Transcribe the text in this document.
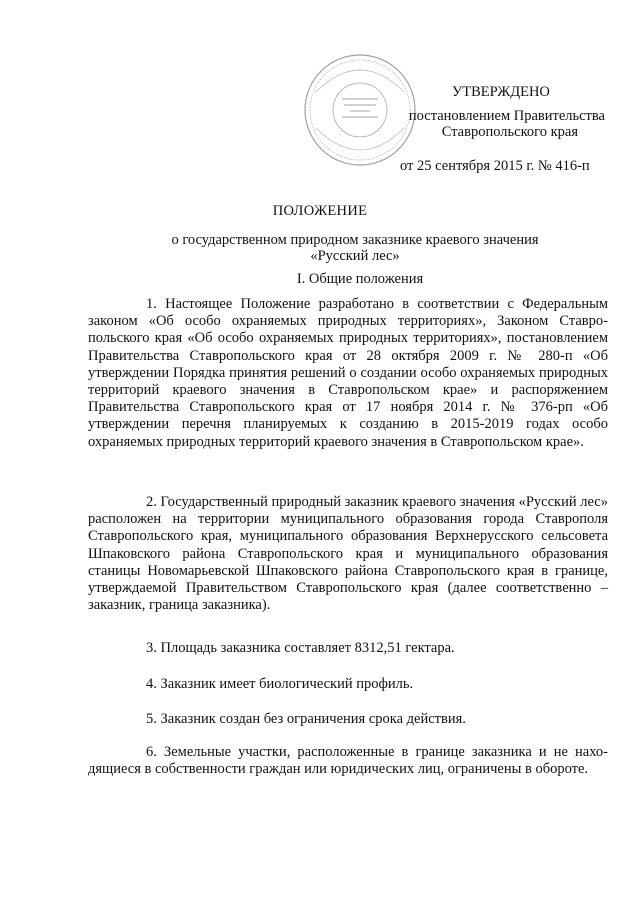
УТВЕРЖДЕНО
постановлением Правительства
Ставропольского края
от 25 сентября 2015 г. № 416-п
ПОЛОЖЕНИЕ
о государственном природном заказнике краевого значения
«Русский лес»
I. Общие положения
1. Настоящее Положение разработано в соответствии с Федеральным законом «Об особо охраняемых природных территориях», Законом Ставропольского края «Об особо охраняемых природных территориях», постановлением Правительства Ставропольского края от 28 октября 2009 г. № 280-п «Об утверждении Порядка принятия решений о создании особо охраняемых природных территорий краевого значения в Ставропольском крае» и распоряжением Правительства Ставропольского края от 17 ноября 2014 г. № 376-рп «Об утверждении перечня планируемых к созданию в 2015-2019 годах особо охраняемых природных территорий краевого значения в Ставропольском крае».
2. Государственный природный заказник краевого значения «Русский лес» расположен на территории муниципального образования города Ставрополя Ставропольского края, муниципального образования Верхнерусского сельсовета Шпаковского района Ставропольского края и муниципального образования станицы Новомарьевской Шпаковского района Ставропольского края в границе, утверждаемой Правительством Ставропольского края (далее соответственно – заказник, граница заказника).
3. Площадь заказника составляет 8312,51 гектара.
4. Заказник имеет биологический профиль.
5. Заказник создан без ограничения срока действия.
6. Земельные участки, расположенные в границе заказника и не находящиеся в собственности граждан или юридических лиц, ограничены в обороте.
